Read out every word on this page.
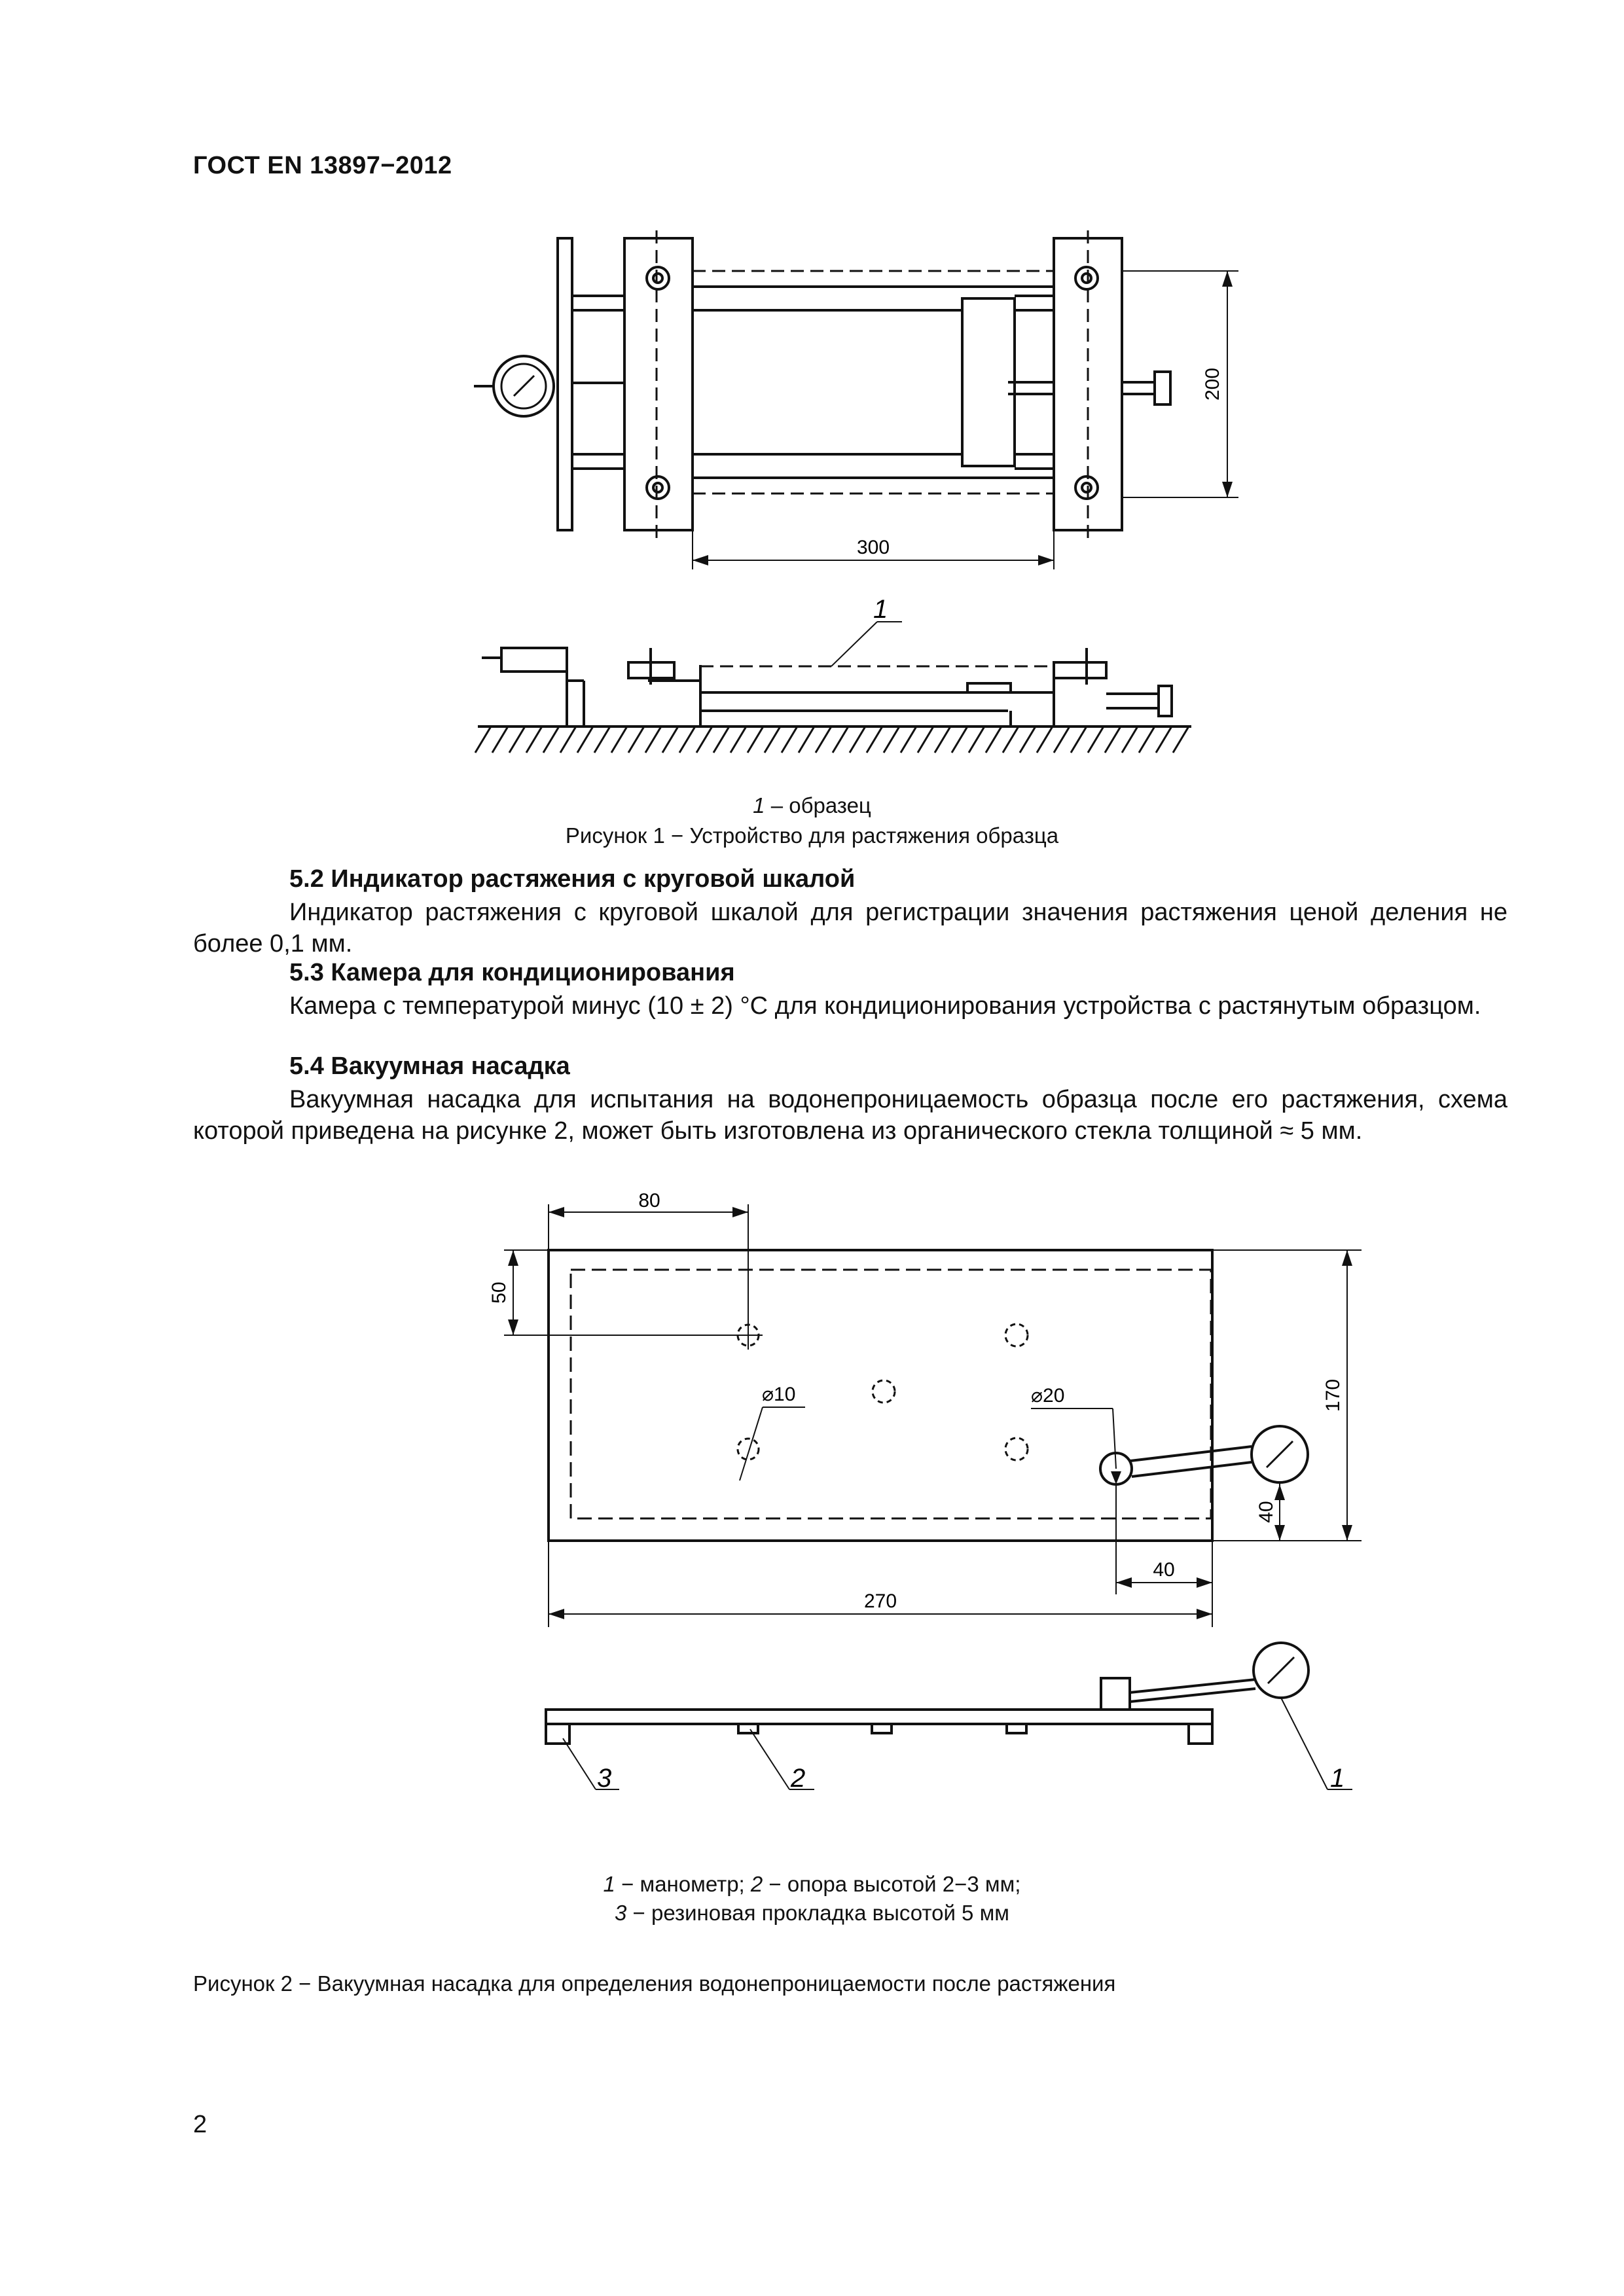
ГОСТ EN 13897−2012
300
200
1
1 – образец
Рисунок 1 − Устройство для растяжения образца
5.2 Индикатор растяжения с круговой шкалой

Индикатор растяжения с круговой шкалой для регистрации значения растяжения ценой деления не более 0,1 мм.

5.3 Камера для кондиционирования

Камера с температурой минус (10 ± 2) °С для кондиционирования устройства с растянутым образцом.

5.4 Вакуумная насадка

Вакуумная насадка для испытания на водонепроницаемость образца после его растяжения, схема которой приведена на рисунке 2, может быть изготовлена из органического стекла толщиной ≈ 5 мм.

80
50
⌀10	⌀20	170
40
40
270
1
2
3
1 − манометр; 2 − опора высотой 2−3 мм;
3 − резиновая прокладка высотой 5 мм
Рисунок 2 − Вакуумная насадка для определения водонепроницаемости после растяжения
2
